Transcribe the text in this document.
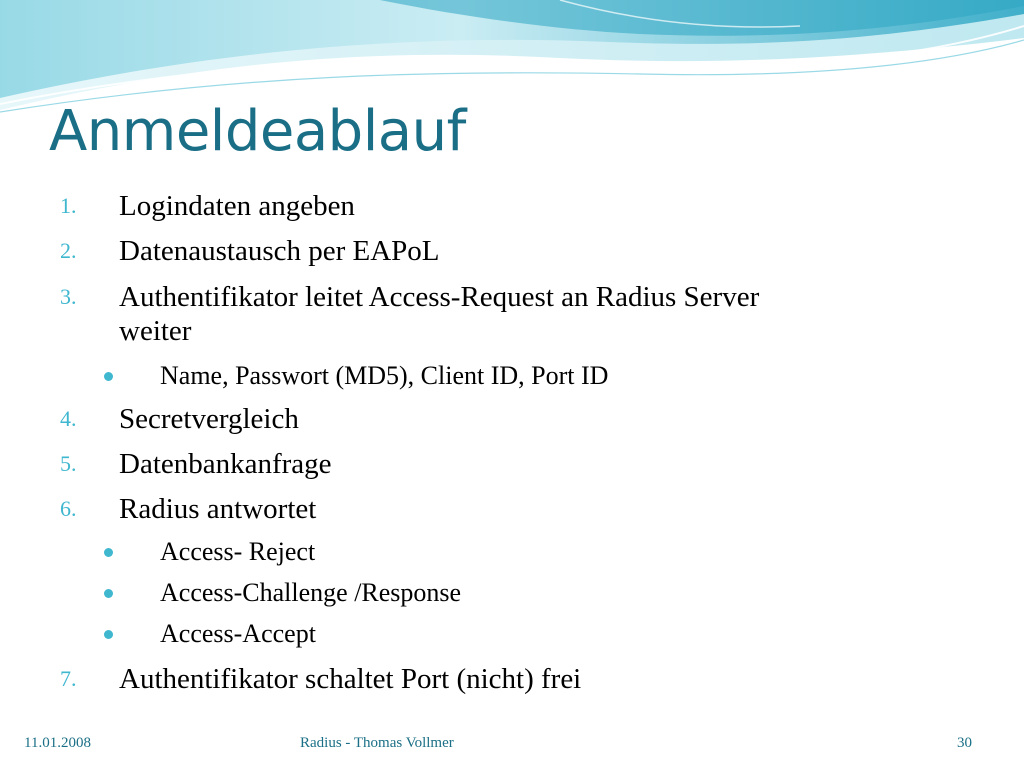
Anmeldeablauf
1. Logindaten angeben
2. Datenaustausch per EAPoL
3. Authentifikator leitet Access-Request an Radius Server
weiter
Name, Passwort (MD5), Client ID, Port ID
4. Secretvergleich
5. Datenbankanfrage
6. Radius antwortet
Access- Reject
Access-Challenge /Response
Access-Accept
7. Authentifikator schaltet Port (nicht) frei
11.01.2008	Radius - Thomas Vollmer	30
